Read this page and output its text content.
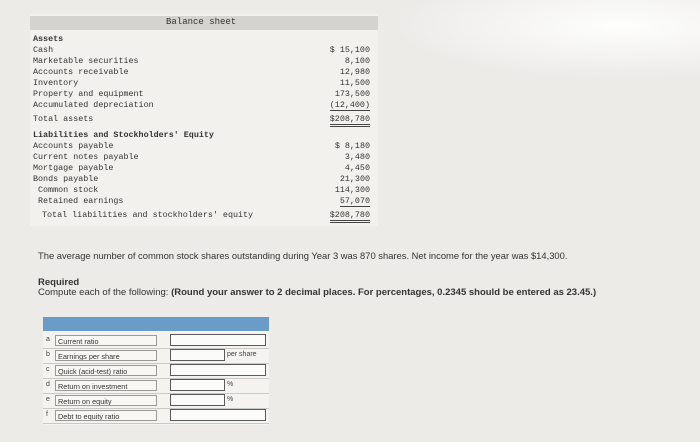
Balance sheet
Assets
Cash	$ 15,100
Marketable securities	8,100
Accounts receivable	12,980
Inventory	11,500
Property and equipment	173,500
Accumulated depreciation	(12,400)
Total assets	$208,780
Liabilities and Stockholders' Equity
Accounts payable	$ 8,180
Current notes payable	3,480
Mortgage payable	4,450
Bonds payable	21,300
Common stock	114,300
Retained earnings	57,070
Total liabilities and stockholders' equity	$208,780
The average number of common stock shares outstanding during Year 3 was 870 shares. Net income for the year was $14,300.
Required
Compute each of the following: (Round your answer to 2 decimal places. For percentages, 0.2345 should be entered as 23.45.)
a	Current ratio
b	Earnings per share	per share
c	Quick (acid-test) ratio
d	Return on investment	%
e	Return on equity	%
f	Debt to equity ratio
